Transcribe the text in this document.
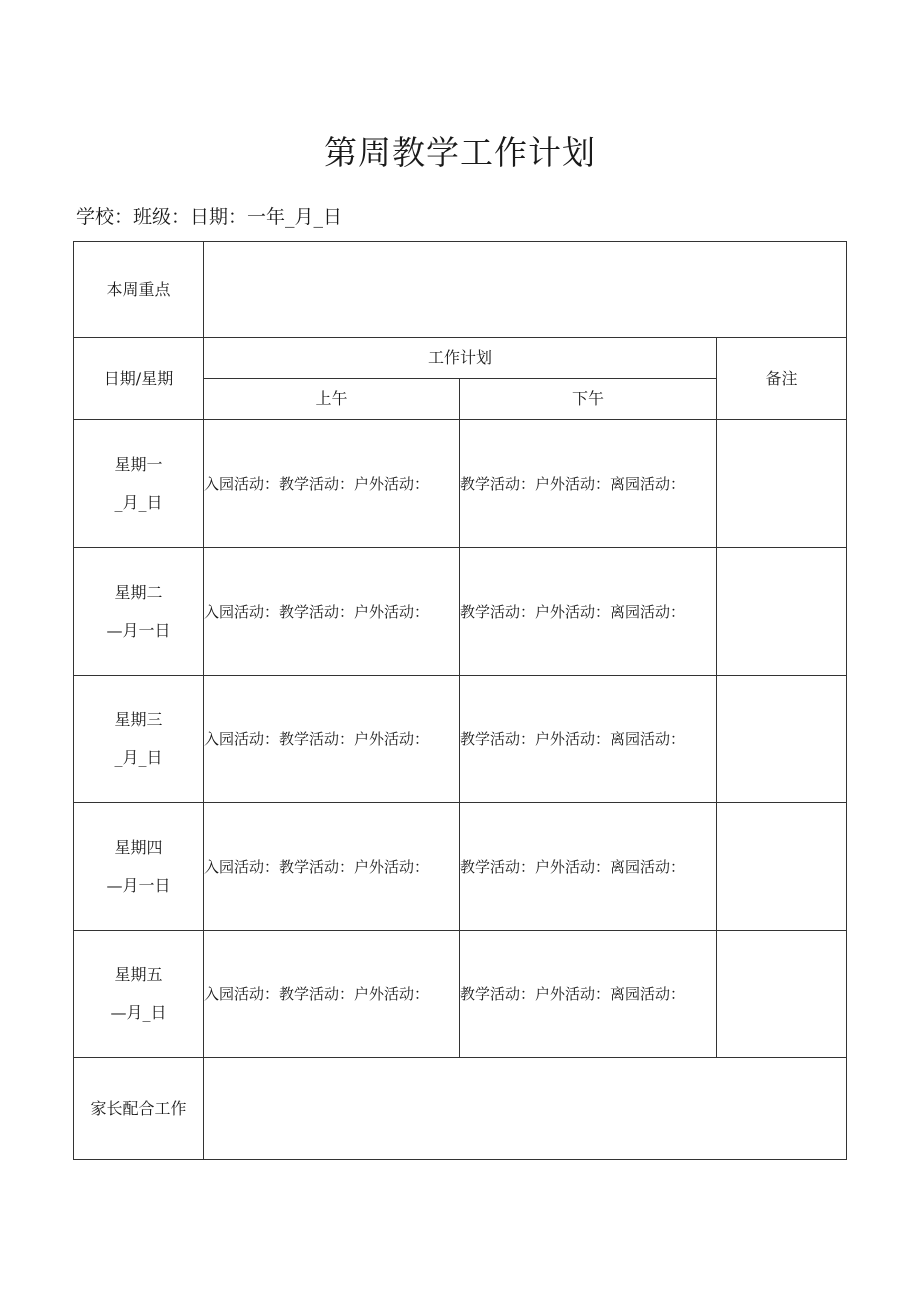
第周教学工作计划
学校：班级：日期：一年_月_日
本周重点			
日期/星期	工作计划		备注
	上午	下午	

星期一
_月_日	入园活动：教学活动：户外活动：	教学活动：户外活动：离园活动：	

星期二
—月一日	入园活动：教学活动：户外活动：	教学活动：户外活动：离园活动：	

星期三
_月_日	入园活动：教学活动：户外活动：	教学活动：户外活动：离园活动：	

星期四
—月一日	入园活动：教学活动：户外活动：	教学活动：户外活动：离园活动：	

星期五
—月_日	入园活动：教学活动：户外活动：	教学活动：户外活动：离园活动：	
家长配合工作			
